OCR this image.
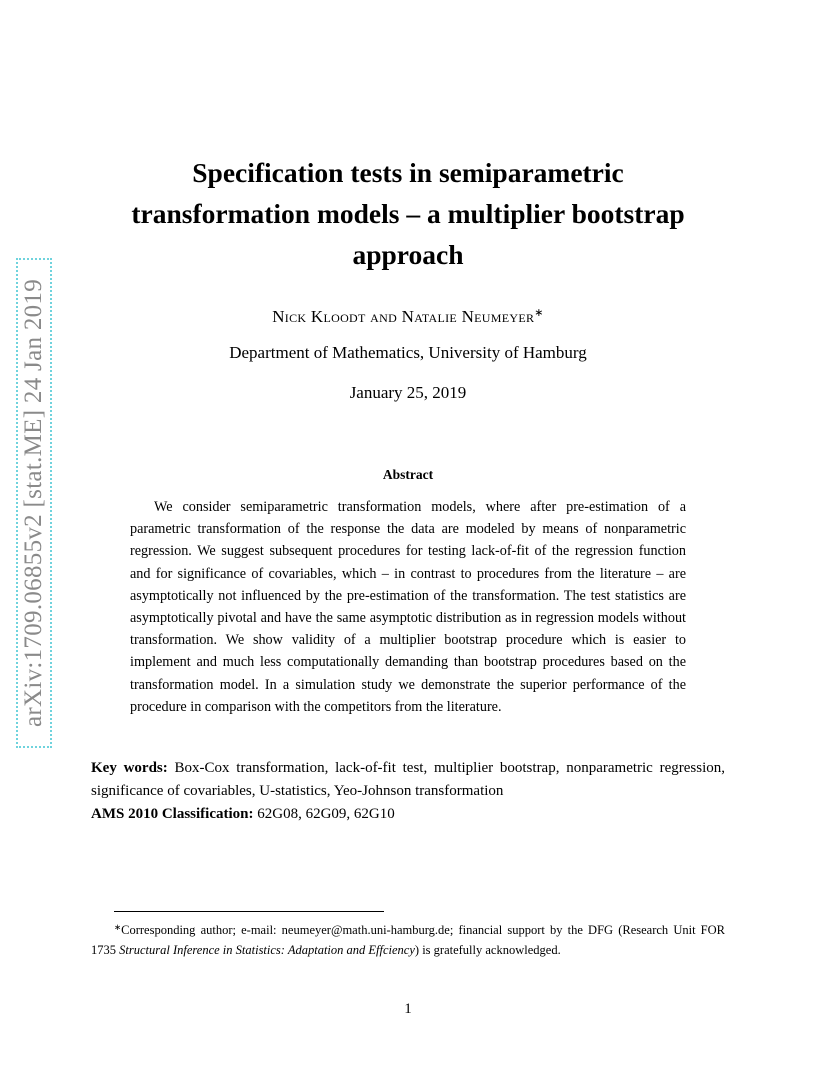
arXiv:1709.06855v2 [stat.ME] 24 Jan 2019
Specification tests in semiparametric transformation models – a multiplier bootstrap approach
Nick Kloodt and Natalie Neumeyer∗
Department of Mathematics, University of Hamburg
January 25, 2019
Abstract

We consider semiparametric transformation models, where after pre-estimation of a parametric transformation of the response the data are modeled by means of nonparametric regression. We suggest subsequent procedures for testing lack-of-fit of the regression function and for significance of covariables, which – in contrast to procedures from the literature – are asymptotically not influenced by the pre-estimation of the transformation. The test statistics are asymptotically pivotal and have the same asymptotic distribution as in regression models without transformation. We show validity of a multiplier bootstrap procedure which is easier to implement and much less computationally demanding than bootstrap procedures based on the transformation model. In a simulation study we demonstrate the superior performance of the procedure in comparison with the competitors from the literature.

Key words: Box-Cox transformation, lack-of-fit test, multiplier bootstrap, nonparametric regression, significance of covariables, U-statistics, Yeo-Johnson transformation

AMS 2010 Classification: 62G08, 62G09, 62G10

∗Corresponding author; e-mail: neumeyer@math.uni-hamburg.de; financial support by the DFG (Research Unit FOR 1735 Structural Inference in Statistics: Adaptation and Effciency) is gratefully acknowledged.

1
